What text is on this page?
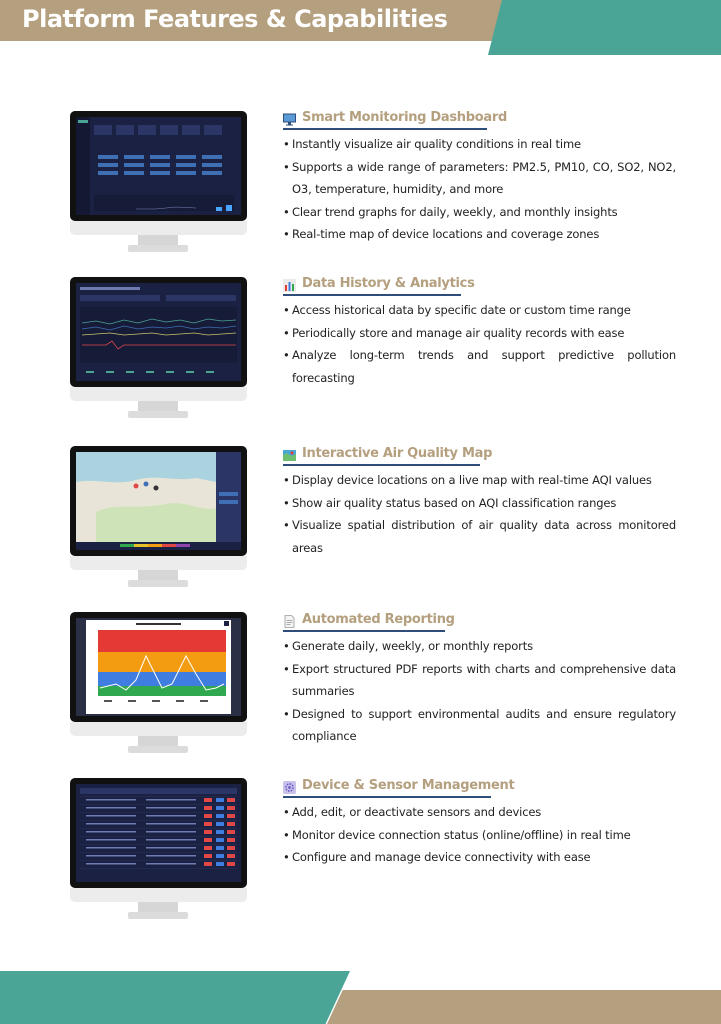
Platform Features & Capabilities
Smart Monitoring Dashboard
• Instantly visualize air quality conditions in real time
• Supports a wide range of parameters: PM2.5, PM10, CO, SO2, NO2, O3, temperature, humidity, and more
• Clear trend graphs for daily, weekly, and monthly insights
• Real-time map of device locations and coverage zones
Data History & Analytics
• Access historical data by specific date or custom time range
• Periodically store and manage air quality records with ease
• Analyze long-term trends and support predictive pollution forecasting
Interactive Air Quality Map
• Display device locations on a live map with real-time AQI values
• Show air quality status based on AQI classification ranges
• Visualize spatial distribution of air quality data across monitored areas
Automated Reporting
• Generate daily, weekly, or monthly reports
• Export structured PDF reports with charts and comprehensive data summaries
• Designed to support environmental audits and ensure regulatory compliance
Device & Sensor Management
• Add, edit, or deactivate sensors and devices
• Monitor device connection status (online/offline) in real time
• Configure and manage device connectivity with ease
